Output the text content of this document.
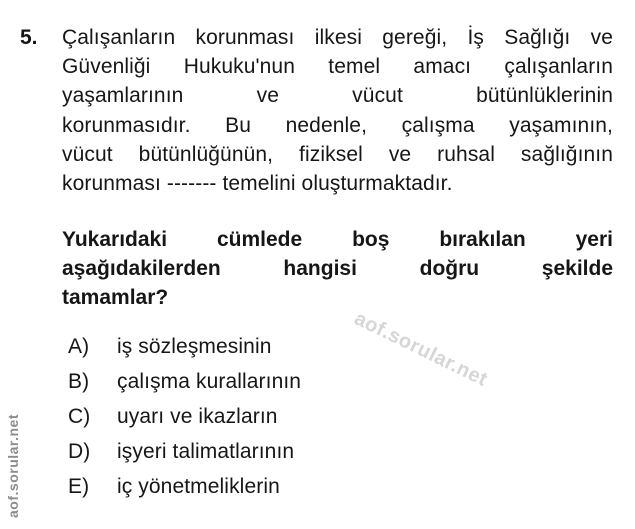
5. Çalışanların korunması ilkesi gereği, İş Sağlığı ve
Güvenliği Hukuku'nun temel amacı çalışanların
yaşamlarının ve vücut bütünlüklerinin
korunmasıdır. Bu nedenle, çalışma yaşamının,
vücut bütünlüğünün, fiziksel ve ruhsal sağlığının
korunması ------- temelini oluşturmaktadır.
Yukarıdaki cümlede boş bırakılan yeri
aşağıdakilerden hangisi doğru şekilde
tamamlar?
A) iş sözleşmesinin
B) çalışma kurallarının
C) uyarı ve ikazların
D) işyeri talimatlarının
E) iç yönetmeliklerin
aof.sorular.net
aof.sorular.net
